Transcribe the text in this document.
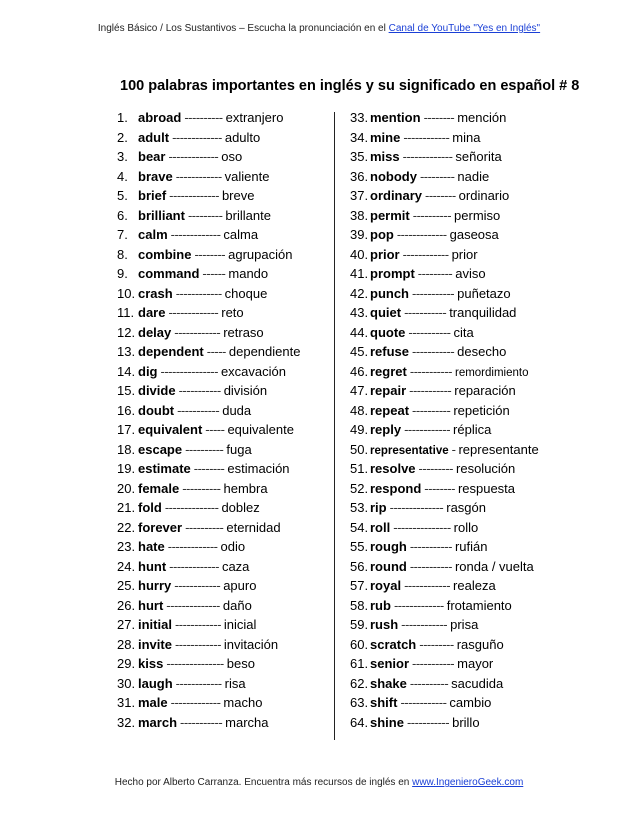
Inglés Básico / Los Sustantivos – Escucha la pronunciación en el Canal de YouTube "Yes en Inglés"
100 palabras importantes en inglés y su significado en español # 8
1. abroad ---------- extranjero
2. adult ------------- adulto
3. bear ------------- oso
4. brave ------------ valiente
5. brief ------------- breve
6. brilliant --------- brillante
7. calm ------------- calma
8. combine -------- agrupación
9. command ------ mando
10. crash ------------ choque
11. dare ------------- reto
12. delay ------------ retraso
13. dependent ----- dependiente
14. dig --------------- excavación
15. divide ----------- división
16. doubt ----------- duda
17. equivalent ----- equivalente
18. escape ---------- fuga
19. estimate -------- estimación
20. female ---------- hembra
21. fold -------------- doblez
22. forever ---------- eternidad
23. hate ------------- odio
24. hunt ------------- caza
25. hurry ------------ apuro
26. hurt -------------- daño
27. initial ------------ inicial
28. invite ------------ invitación
29. kiss --------------- beso
30. laugh ------------ risa
31. male ------------- macho
32. march ----------- marcha
33. mention -------- mención
34. mine ------------ mina
35. miss ------------- señorita
36. nobody --------- nadie
37. ordinary -------- ordinario
38. permit ---------- permiso
39. pop ------------- gaseosa
40. prior ------------ prior
41. prompt --------- aviso
42. punch ----------- puñetazo
43. quiet ----------- tranquilidad
44. quote ----------- cita
45. refuse ----------- desecho
46. regret ----------- remordimiento
47. repair ----------- reparación
48. repeat ---------- repetición
49. reply ------------ réplica
50. representative - representante
51. resolve --------- resolución
52. respond -------- respuesta
53. rip -------------- rasgón
54. roll --------------- rollo
55. rough ----------- rufián
56. round ----------- ronda / vuelta
57. royal ------------ realeza
58. rub ------------- frotamiento
59. rush ------------ prisa
60. scratch --------- rasguño
61. senior ----------- mayor
62. shake ---------- sacudida
63. shift ------------ cambio
64. shine ----------- brillo
Hecho por Alberto Carranza. Encuentra más recursos de inglés en www.IngenieroGeek.com
